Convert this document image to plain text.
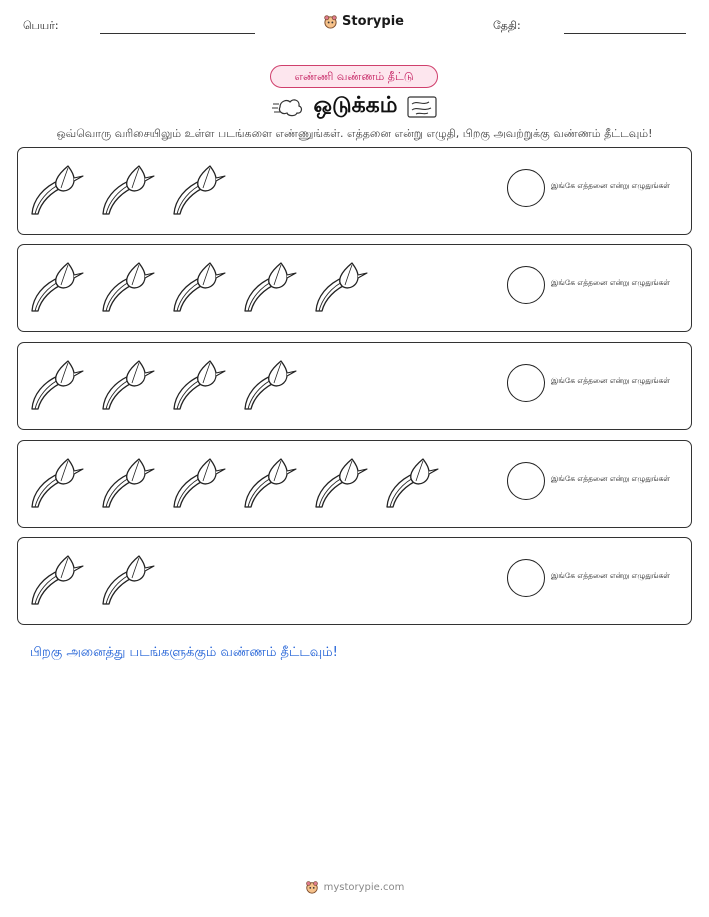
பெயர்:	Storypie	தேதி:
எண்ணி வண்ணம் தீட்டு
ஒடுக்கம்
ஒவ்வொரு வரிசையிலும் உள்ள படங்களை எண்ணுங்கள். எத்தனை என்று எழுதி, பிறகு அவற்றுக்கு வண்ணம் தீட்டவும்!
இங்கே எத்தனை என்று எழுதுங்கள்
இங்கே எத்தனை என்று எழுதுங்கள்
இங்கே எத்தனை என்று எழுதுங்கள்
இங்கே எத்தனை என்று எழுதுங்கள்
இங்கே எத்தனை என்று எழுதுங்கள்
பிறகு அனைத்து படங்களுக்கும் வண்ணம் தீட்டவும்!
mystorypie.com
